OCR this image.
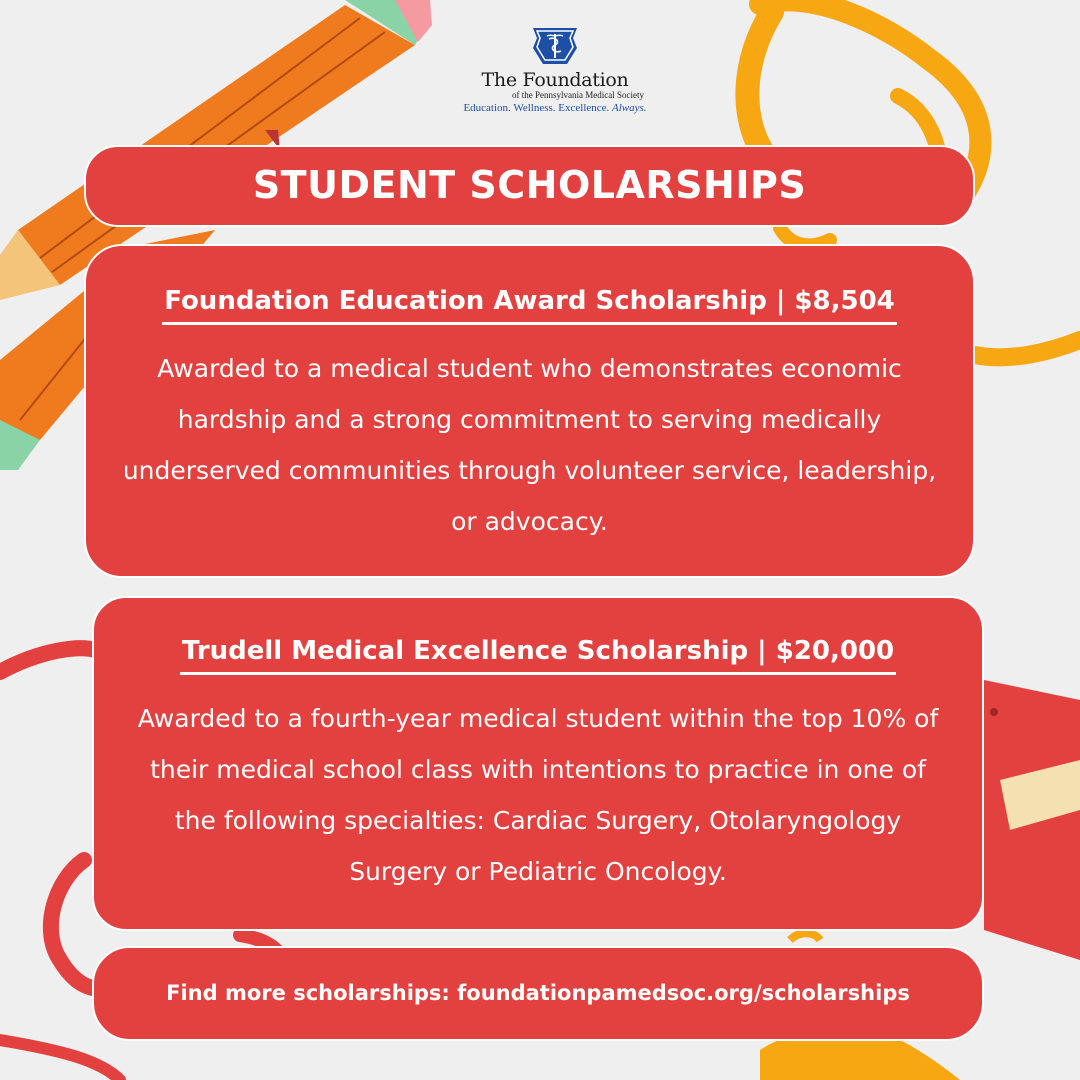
The Foundation
of the Pennsylvania Medical Society
Education. Wellness. Excellence. Always.
STUDENT SCHOLARSHIPS
Foundation Education Award Scholarship | $8,504
Awarded to a medical student who demonstrates economic hardship and a strong commitment to serving medically underserved communities through volunteer service, leadership, or advocacy.
Trudell Medical Excellence Scholarship | $20,000
Awarded to a fourth-year medical student within the top 10% of their medical school class with intentions to practice in one of the following specialties: Cardiac Surgery, Otolaryngology Surgery or Pediatric Oncology.
Find more scholarships: foundationpamedsoc.org/scholarships
